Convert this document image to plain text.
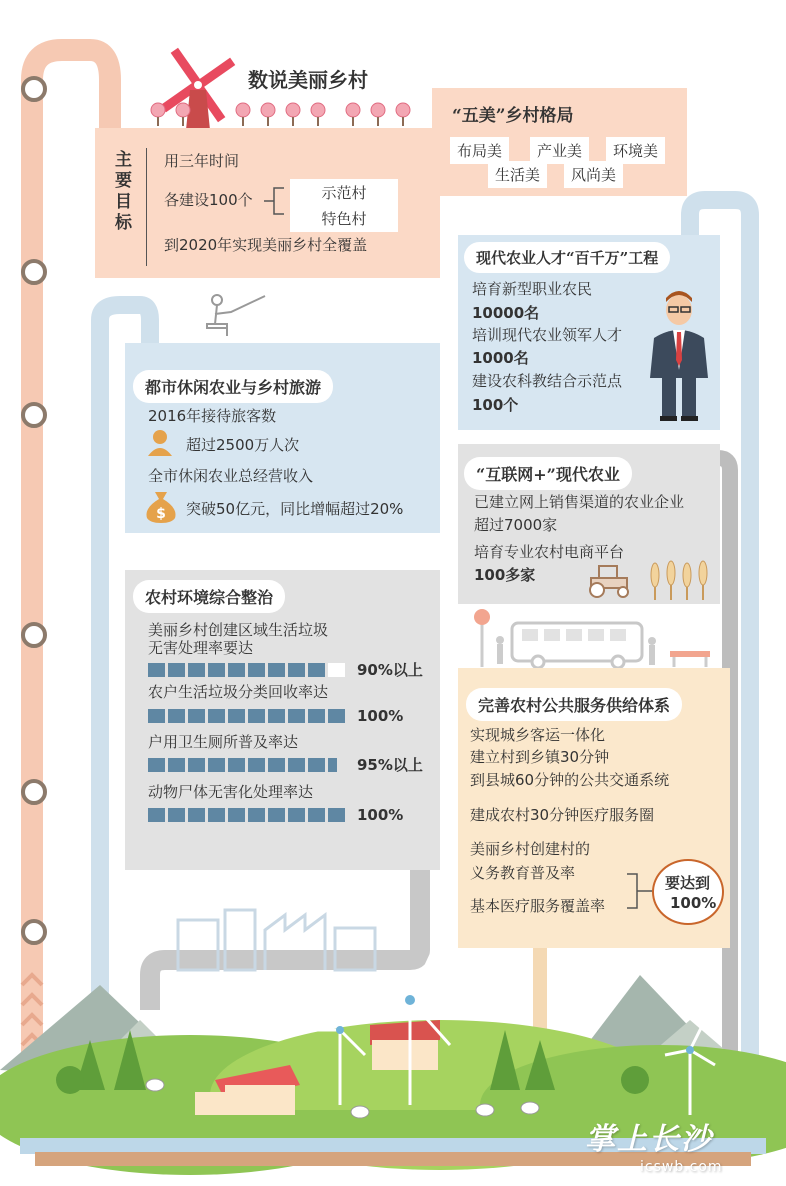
数说美丽乡村
主要目标
用三年时间
各建设100个	示范村
特色村
到2020年实现美丽乡村全覆盖
“五美”乡村格局
布局美	产业美	环境美
生活美	风尚美
现代农业人才“百千万”工程
培育新型职业农民
10000名
培训现代农业领军人才
1000名
建设农科教结合示范点
100个
都市休闲农业与乡村旅游
2016年接待旅客数
超过2500万人次
全市休闲农业总经营收入
$ 突破50亿元，同比增幅超过20%
“互联网+”现代农业
已建立网上销售渠道的农业企业
超过7000家
培育专业农村电商平台
100多家
农村环境综合整治
美丽乡村创建区域生活垃圾
无害处理率要达
90%以上
农户生活垃圾分类回收率达
100%
户用卫生厕所普及率达
95%以上
动物尸体无害化处理率达
100%
完善农村公共服务供给体系
实现城乡客运一体化
建立村到乡镇30分钟
到县城60分钟的公共交通系统
建成农村30分钟医疗服务圈
美丽乡村创建村的
义务教育普及率
基本医疗服务覆盖率
要达到
100%
掌上长沙
icswb.com
